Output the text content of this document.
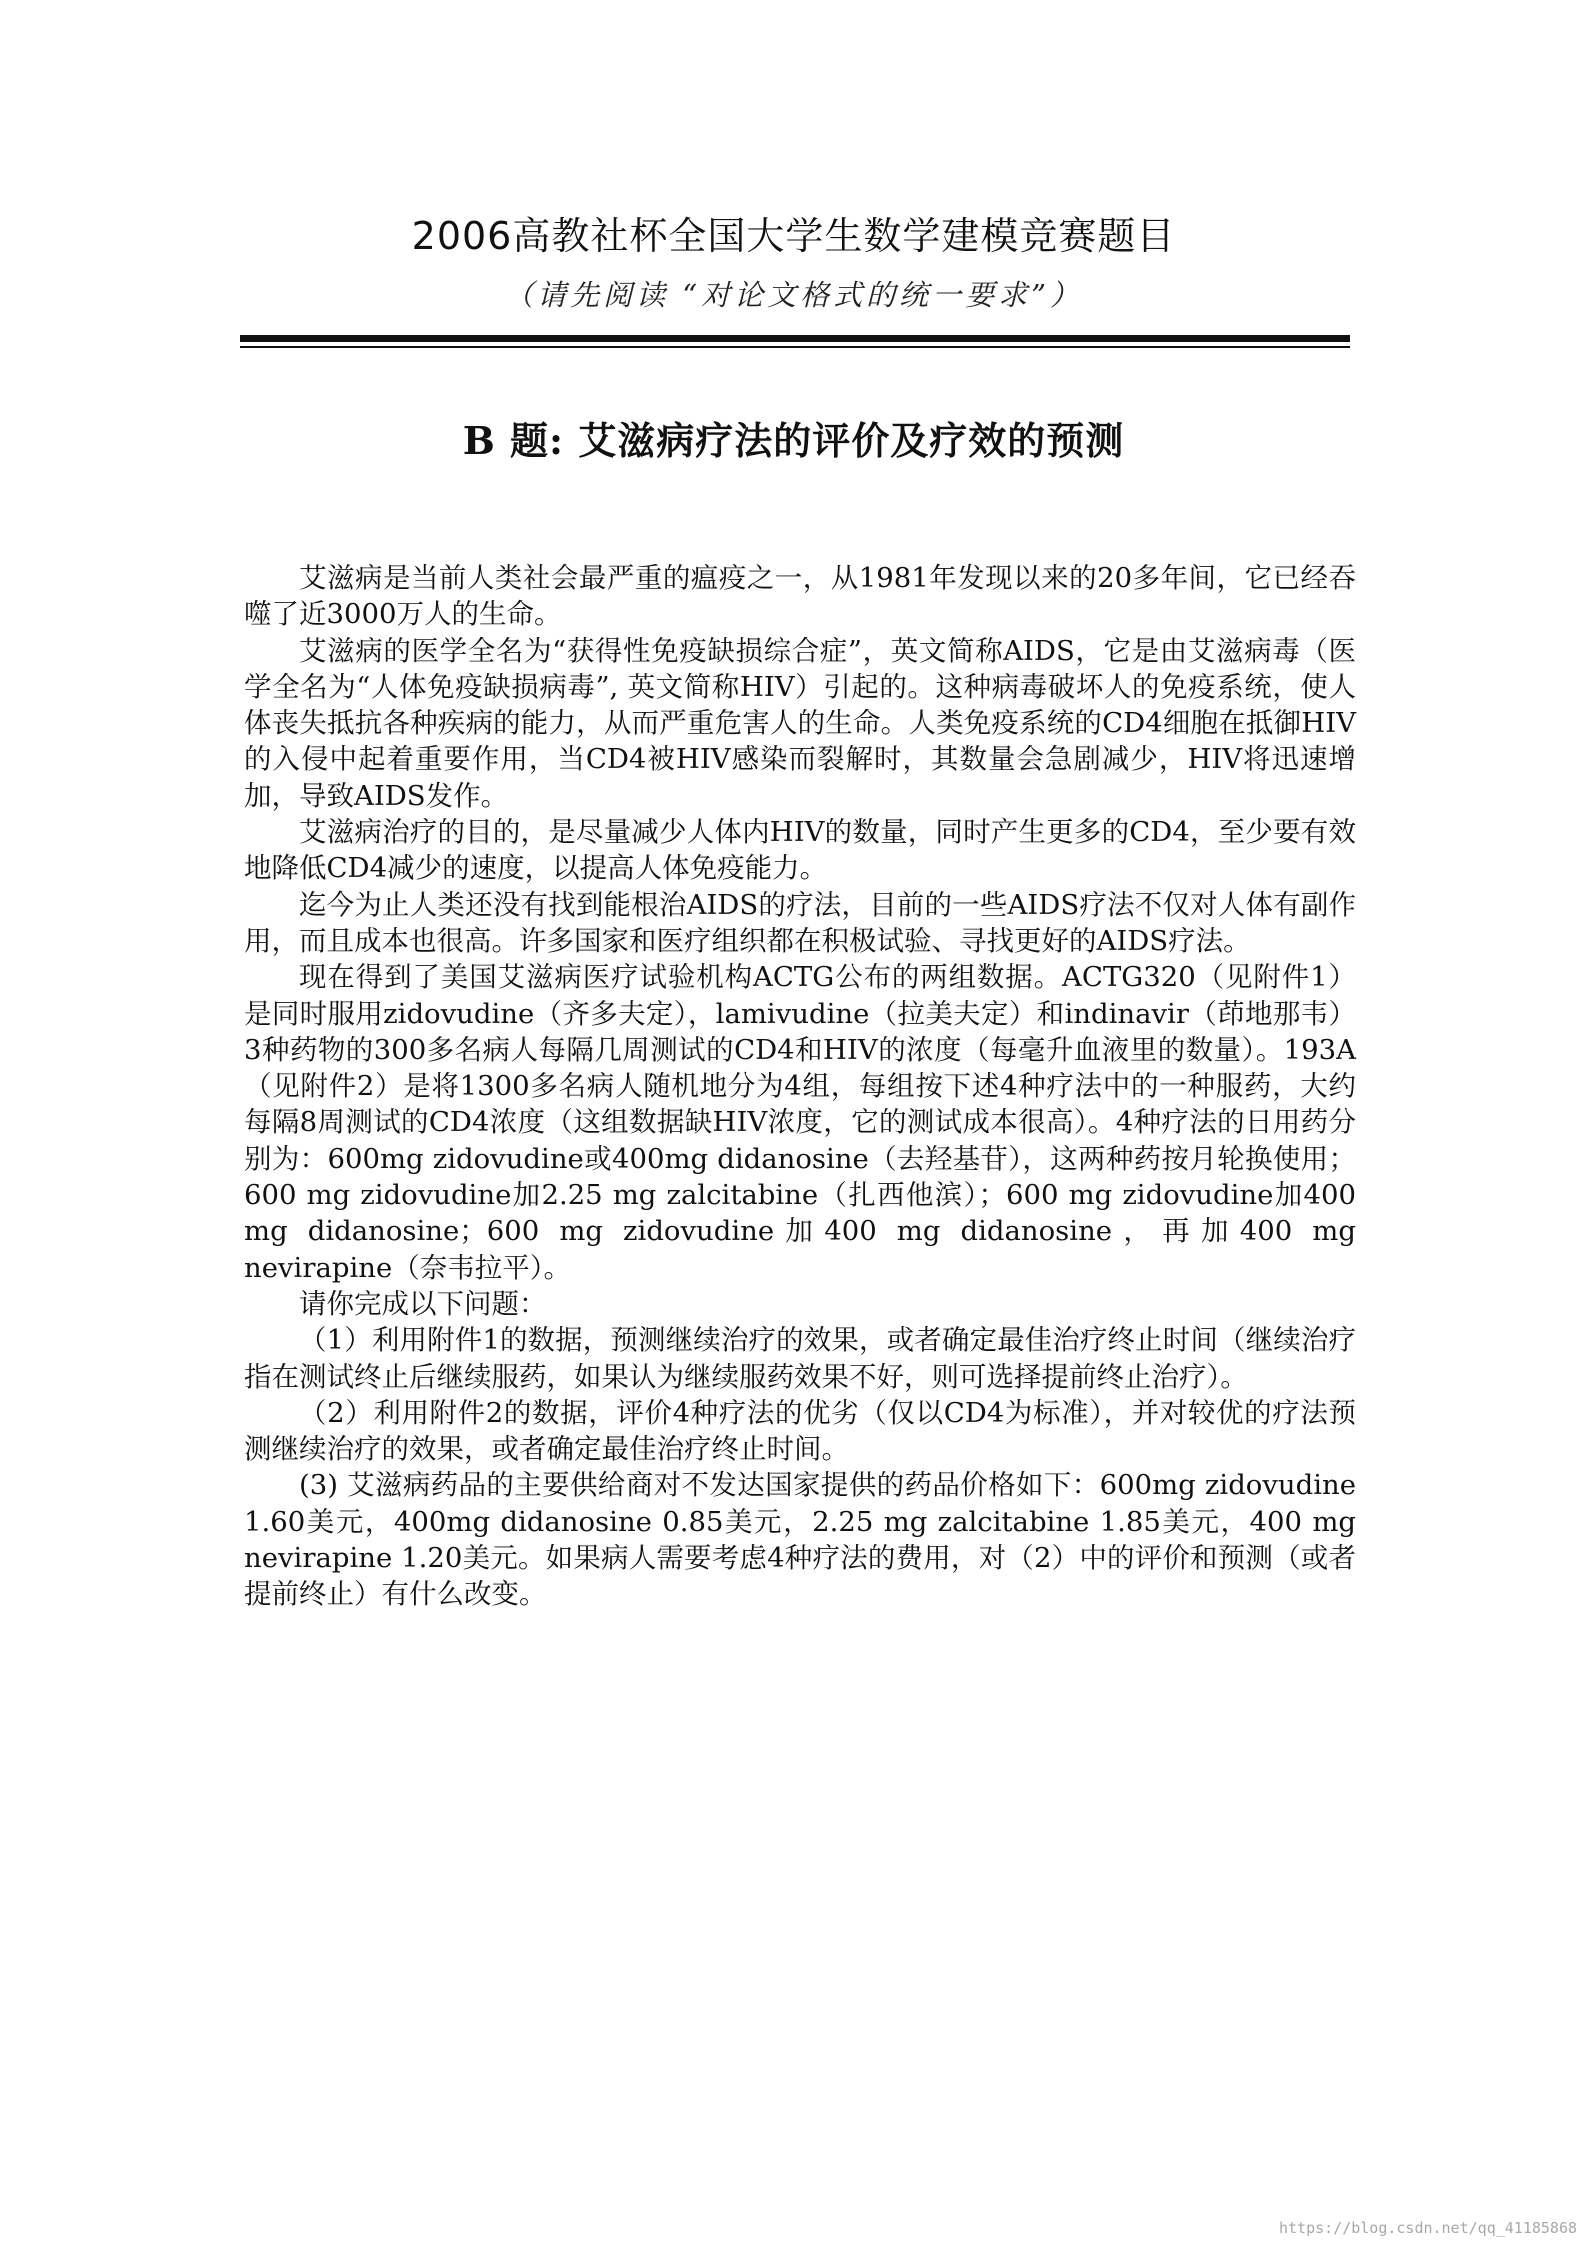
2006高教社杯全国大学生数学建模竞赛题目
（请先阅读 “对论文格式的统一要求”）
B 题: 艾滋病疗法的评价及疗效的预测

艾滋病是当前人类社会最严重的瘟疫之一，从1981年发现以来的20多年间，它已经吞噬了近3000万人的生命。

艾滋病的医学全名为“获得性免疫缺损综合症”，英文简称AIDS，它是由艾滋病毒（医学全名为“人体免疫缺损病毒”, 英文简称HIV）引起的。这种病毒破坏人的免疫系统，使人体丧失抵抗各种疾病的能力，从而严重危害人的生命。人类免疫系统的CD4细胞在抵御HIV的入侵中起着重要作用，当CD4被HIV感染而裂解时，其数量会急剧减少，HIV将迅速增加，导致AIDS发作。

艾滋病治疗的目的，是尽量减少人体内HIV的数量，同时产生更多的CD4，至少要有效地降低CD4减少的速度，以提高人体免疫能力。

迄今为止人类还没有找到能根治AIDS的疗法，目前的一些AIDS疗法不仅对人体有副作用，而且成本也很高。许多国家和医疗组织都在积极试验、寻找更好的AIDS疗法。

现在得到了美国艾滋病医疗试验机构ACTG公布的两组数据。ACTG320（见附件1）是同时服用zidovudine（齐多夫定），lamivudine（拉美夫定）和indinavir（茚地那韦）3种药物的300多名病人每隔几周测试的CD4和HIV的浓度（每毫升血液里的数量）。193A（见附件2）是将1300多名病人随机地分为4组，每组按下述4种疗法中的一种服药，大约每隔8周测试的CD4浓度（这组数据缺HIV浓度，它的测试成本很高）。4种疗法的日用药分别为：600mg zidovudine或400mg didanosine（去羟基苷），这两种药按月轮换使用；600 mg zidovudine加2.25 mg zalcitabine（扎西他滨）；600 mg zidovudine加400 mg didanosine；600 mg zidovudine加400 mg didanosine，再加400 mg nevirapine（奈韦拉平）。

请你完成以下问题：

（1）利用附件1的数据，预测继续治疗的效果，或者确定最佳治疗终止时间（继续治疗指在测试终止后继续服药，如果认为继续服药效果不好，则可选择提前终止治疗）。

（2）利用附件2的数据，评价4种疗法的优劣（仅以CD4为标准），并对较优的疗法预测继续治疗的效果，或者确定最佳治疗终止时间。

(3) 艾滋病药品的主要供给商对不发达国家提供的药品价格如下：600mg zidovudine 1.60美元，400mg didanosine 0.85美元，2.25 mg zalcitabine 1.85美元，400 mg nevirapine 1.20美元。如果病人需要考虑4种疗法的费用，对（2）中的评价和预测（或者提前终止）有什么改变。

https://blog.csdn.net/qq_41185868
